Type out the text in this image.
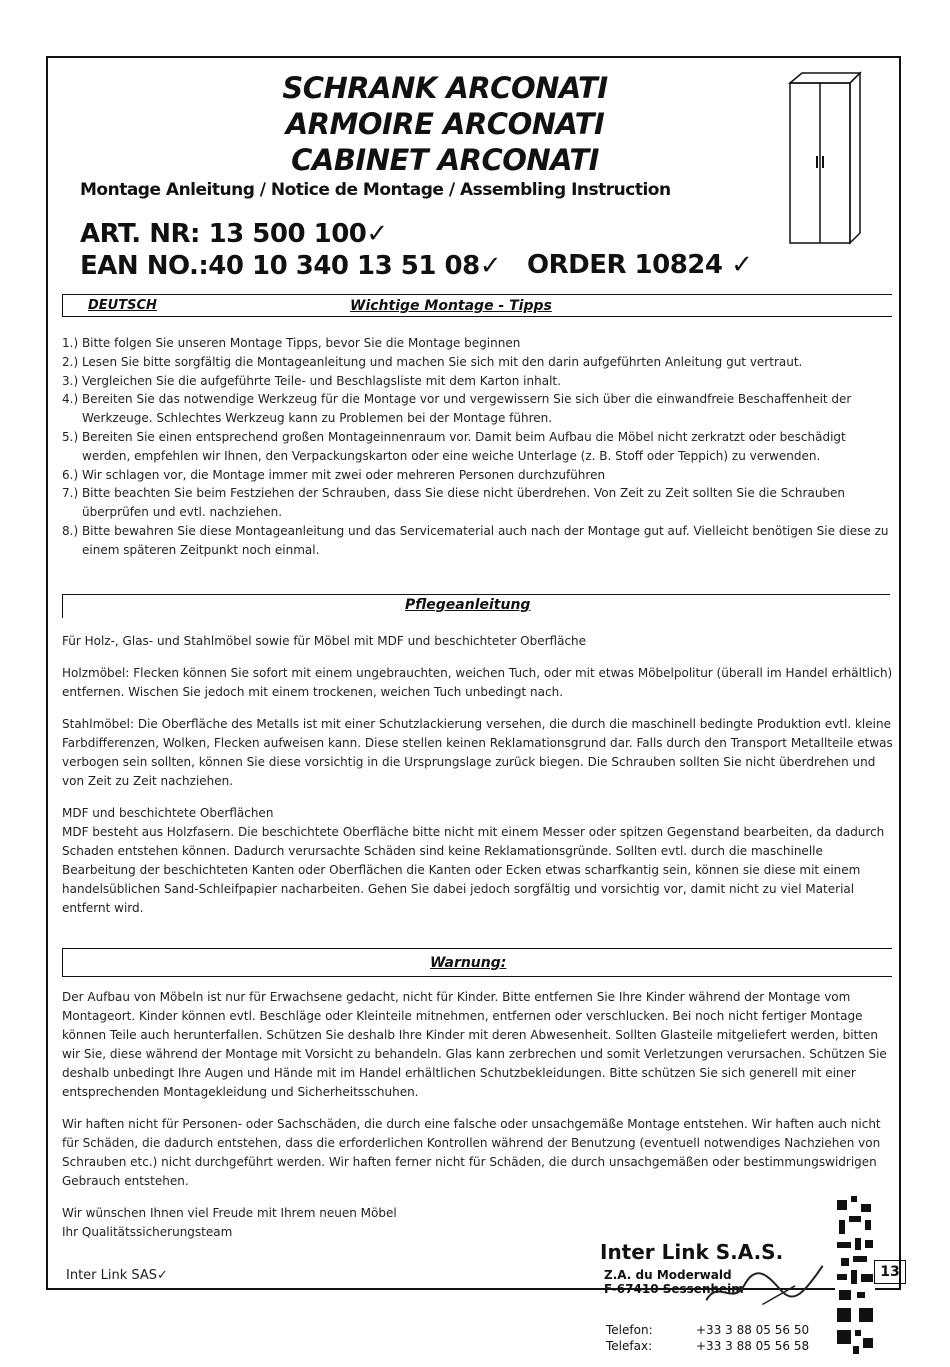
SCHRANK ARCONATI
ARMOIRE ARCONATI
CABINET ARCONATI
Montage Anleitung / Notice de Montage / Assembling Instruction
ART. NR: 13 500 100✓
EAN NO.:40 10 340 13 51 08✓ ORDER 10824 ✓
DEUTSCH	Wichtige Montage - Tipps
1.) Bitte folgen Sie unseren Montage Tipps, bevor Sie die Montage beginnen
2.) Lesen Sie bitte sorgfältig die Montageanleitung und machen Sie sich mit den darin aufgeführten Anleitung gut vertraut.
3.) Vergleichen Sie die aufgeführte Teile- und Beschlagsliste mit dem Karton inhalt.
4.) Bereiten Sie das notwendige Werkzeug für die Montage vor und vergewissern Sie sich über die einwandfreie Beschaffenheit der Werkzeuge. Schlechtes Werkzeug kann zu Problemen bei der Montage führen.
5.) Bereiten Sie einen entsprechend großen Montageinnenraum vor. Damit beim Aufbau die Möbel nicht zerkratzt oder beschädigt werden, empfehlen wir Ihnen, den Verpackungskarton oder eine weiche Unterlage (z. B. Stoff oder Teppich) zu verwenden.
6.) Wir schlagen vor, die Montage immer mit zwei oder mehreren Personen durchzuführen
7.) Bitte beachten Sie beim Festziehen der Schrauben, dass Sie diese nicht überdrehen. Von Zeit zu Zeit sollten Sie die Schrauben überprüfen und evtl. nachziehen.
8.) Bitte bewahren Sie diese Montageanleitung und das Servicematerial auch nach der Montage gut auf. Vielleicht benötigen Sie diese zu einem späteren Zeitpunkt noch einmal.
Pflegeanleitung

Für Holz-, Glas- und Stahlmöbel sowie für Möbel mit MDF und beschichteter Oberfläche

Holzmöbel: Flecken können Sie sofort mit einem ungebrauchten, weichen Tuch, oder mit etwas Möbelpolitur (überall im Handel erhältlich) entfernen. Wischen Sie jedoch mit einem trockenen, weichen Tuch unbedingt nach.

Stahlmöbel: Die Oberfläche des Metalls ist mit einer Schutzlackierung versehen, die durch die maschinell bedingte Produktion evtl. kleine Farbdifferenzen, Wolken, Flecken aufweisen kann. Diese stellen keinen Reklamationsgrund dar. Falls durch den Transport Metallteile etwas verbogen sein sollten, können Sie diese vorsichtig in die Ursprungslage zurück biegen. Die Schrauben sollten Sie nicht überdrehen und von Zeit zu Zeit nachziehen.

MDF und beschichtete Oberflächen
MDF besteht aus Holzfasern. Die beschichtete Oberfläche bitte nicht mit einem Messer oder spitzen Gegenstand bearbeiten, da dadurch Schaden entstehen können. Dadurch verursachte Schäden sind keine Reklamationsgründe. Sollten evtl. durch die maschinelle Bearbeitung der beschichteten Kanten oder Oberflächen die Kanten oder Ecken etwas scharfkantig sein, können sie diese mit einem handelsüblichen Sand-Schleifpapier nacharbeiten. Gehen Sie dabei jedoch sorgfältig und vorsichtig vor, damit nicht zu viel Material entfernt wird.

Warnung:

Der Aufbau von Möbeln ist nur für Erwachsene gedacht, nicht für Kinder. Bitte entfernen Sie Ihre Kinder während der Montage vom Montageort. Kinder können evtl. Beschläge oder Kleinteile mitnehmen, entfernen oder verschlucken. Bei noch nicht fertiger Montage können Teile auch herunterfallen. Schützen Sie deshalb Ihre Kinder mit deren Abwesenheit. Sollten Glasteile mitgeliefert werden, bitten wir Sie, diese während der Montage mit Vorsicht zu behandeln. Glas kann zerbrechen und somit Verletzungen verursachen. Schützen Sie deshalb unbedingt Ihre Augen und Hände mit im Handel erhältlichen Schutzbekleidungen. Bitte schützen Sie sich generell mit einer entsprechenden Montagekleidung und Sicherheitsschuhen.

Wir haften nicht für Personen- oder Sachschäden, die durch eine falsche oder unsachgemäße Montage entstehen. Wir haften auch nicht für Schäden, die dadurch entstehen, dass die erforderlichen Kontrollen während der Benutzung (eventuell notwendiges Nachziehen von Schrauben etc.) nicht durchgeführt werden. Wir haften ferner nicht für Schäden, die durch unsachgemäßen oder bestimmungswidrigen Gebrauch entstehen.

Wir wünschen Ihnen viel Freude mit Ihrem neuen Möbel
Ihr Qualitätssicherungsteam

Inter Link SAS✓
Inter Link S.A.S.
Z.A. du Moderwald
F-67410 Sessenheim
Telefon:	+33 3 88 05 56 50
Telefax:	+33 3 88 05 56 58
13
